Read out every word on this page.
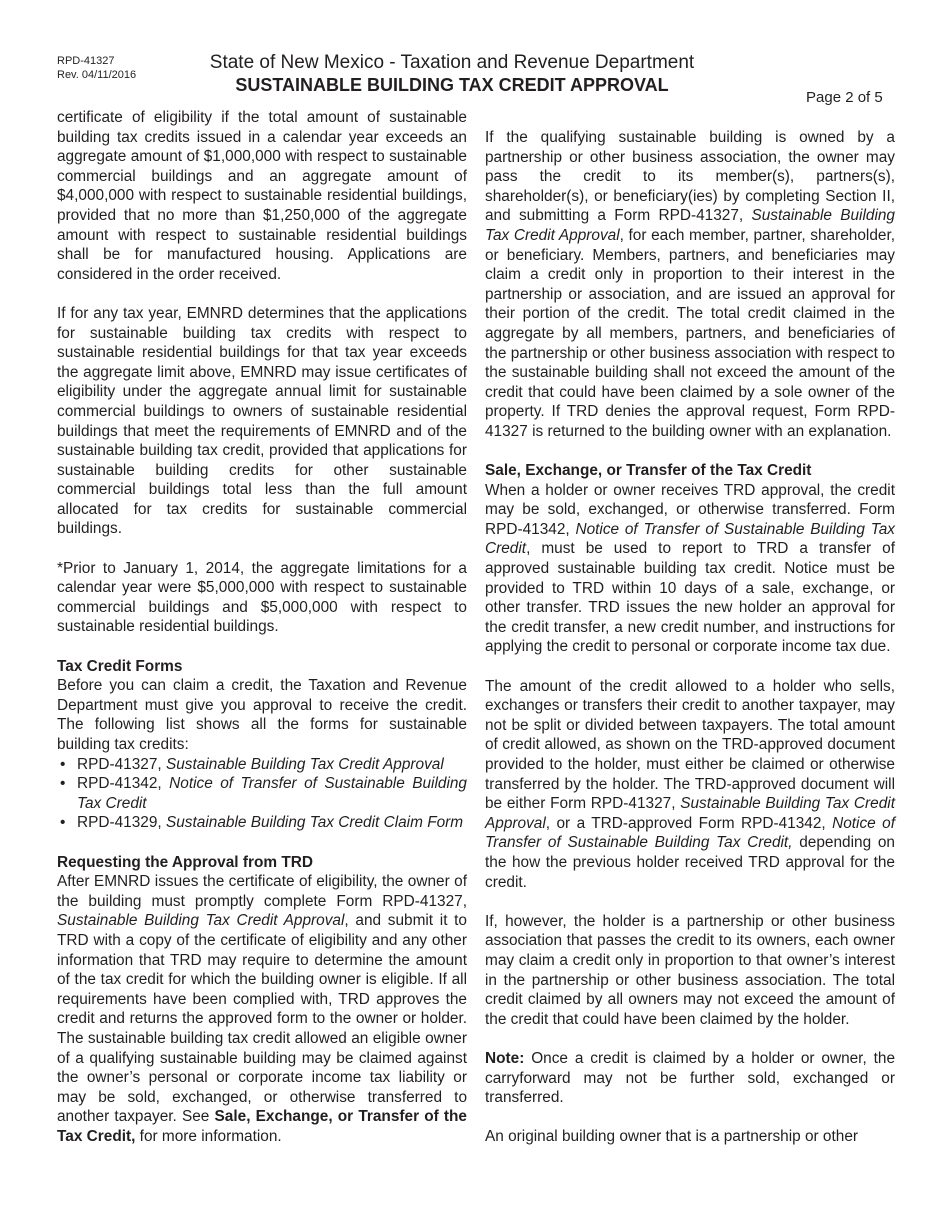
RPD-41327
Rev. 04/11/2016
State of New Mexico - Taxation and Revenue Department
SUSTAINABLE BUILDING TAX CREDIT APPROVAL
Page 2 of 5

certificate of eligibility if the total amount of sustainable building tax credits issued in a calendar year exceeds an aggregate amount of $1,000,000 with respect to sustainable commercial buildings and an aggregate amount of $4,000,000 with respect to sustainable residential buildings, provided that no more than $1,250,000 of the aggregate amount with respect to sustainable residential buildings shall be for manufactured housing. Applications are considered in the order received.

If for any tax year, EMNRD determines that the applications for sustainable building tax credits with respect to sustainable residential buildings for that tax year exceeds the aggregate limit above, EMNRD may issue certificates of eligibility under the aggregate annual limit for sustainable commercial buildings to owners of sustainable residential buildings that meet the requirements of EMNRD and of the sustainable building tax credit, provided that applications for sustainable building credits for other sustainable commercial buildings total less than the full amount allocated for tax credits for sustainable commercial buildings.

*Prior to January 1, 2014, the aggregate limitations for a calendar year were $5,000,000 with respect to sustainable commercial buildings and $5,000,000 with respect to sustainable residential buildings.

Tax Credit Forms

Before you can claim a credit, the Taxation and Revenue Department must give you approval to receive the credit. The following list shows all the forms for sustainable building tax credits:

• RPD-41327, Sustainable Building Tax Credit Approval
• RPD-41342, Notice of Transfer of Sustainable Building Tax Credit
• RPD-41329, Sustainable Building Tax Credit Claim Form
Requesting the Approval from TRD

After EMNRD issues the certificate of eligibility, the owner of the building must promptly complete Form RPD-41327, Sustainable Building Tax Credit Approval, and submit it to TRD with a copy of the certificate of eligibility and any other information that TRD may require to determine the amount of the tax credit for which the building owner is eligible. If all requirements have been complied with, TRD approves the credit and returns the approved form to the owner or holder. The sustainable building tax credit allowed an eligible owner of a qualifying sustainable building may be claimed against the owner’s personal or corporate income tax liability or may be sold, exchanged, or otherwise transferred to another taxpayer. See Sale, Exchange, or Transfer of the Tax Credit, for more information.

If the qualifying sustainable building is owned by a partnership or other business association, the owner may pass the credit to its member(s), partners(s), shareholder(s), or beneficiary(ies) by completing Section II, and submitting a Form RPD-41327, Sustainable Building Tax Credit Approval, for each member, partner, shareholder, or beneficiary. Members, partners, and beneficiaries may claim a credit only in proportion to their interest in the partnership or association, and are issued an approval for their portion of the credit. The total credit claimed in the aggregate by all members, partners, and beneficiaries of the partnership or other business association with respect to the sustainable building shall not exceed the amount of the credit that could have been claimed by a sole owner of the property. If TRD denies the approval request, Form RPD-41327 is returned to the building owner with an explanation.

Sale, Exchange, or Transfer of the Tax Credit

When a holder or owner receives TRD approval, the credit may be sold, exchanged, or otherwise transferred. Form RPD-41342, Notice of Transfer of Sustainable Building Tax Credit, must be used to report to TRD a transfer of approved sustainable building tax credit. Notice must be provided to TRD within 10 days of a sale, exchange, or other transfer. TRD issues the new holder an approval for the credit transfer, a new credit number, and instructions for applying the credit to personal or corporate income tax due.

The amount of the credit allowed to a holder who sells, exchanges or transfers their credit to another taxpayer, may not be split or divided between taxpayers. The total amount of credit allowed, as shown on the TRD-approved document provided to the holder, must either be claimed or otherwise transferred by the holder. The TRD-approved document will be either Form RPD-41327, Sustainable Building Tax Credit Approval, or a TRD-approved Form RPD-41342, Notice of Transfer of Sustainable Building Tax Credit, depending on the how the previous holder received TRD approval for the credit.

If, however, the holder is a partnership or other business association that passes the credit to its owners, each owner may claim a credit only in proportion to that owner’s interest in the partnership or other business association. The total credit claimed by all owners may not exceed the amount of the credit that could have been claimed by the holder.

Note: Once a credit is claimed by a holder or owner, the carryforward may not be further sold, exchanged or transferred.

An original building owner that is a partnership or other
